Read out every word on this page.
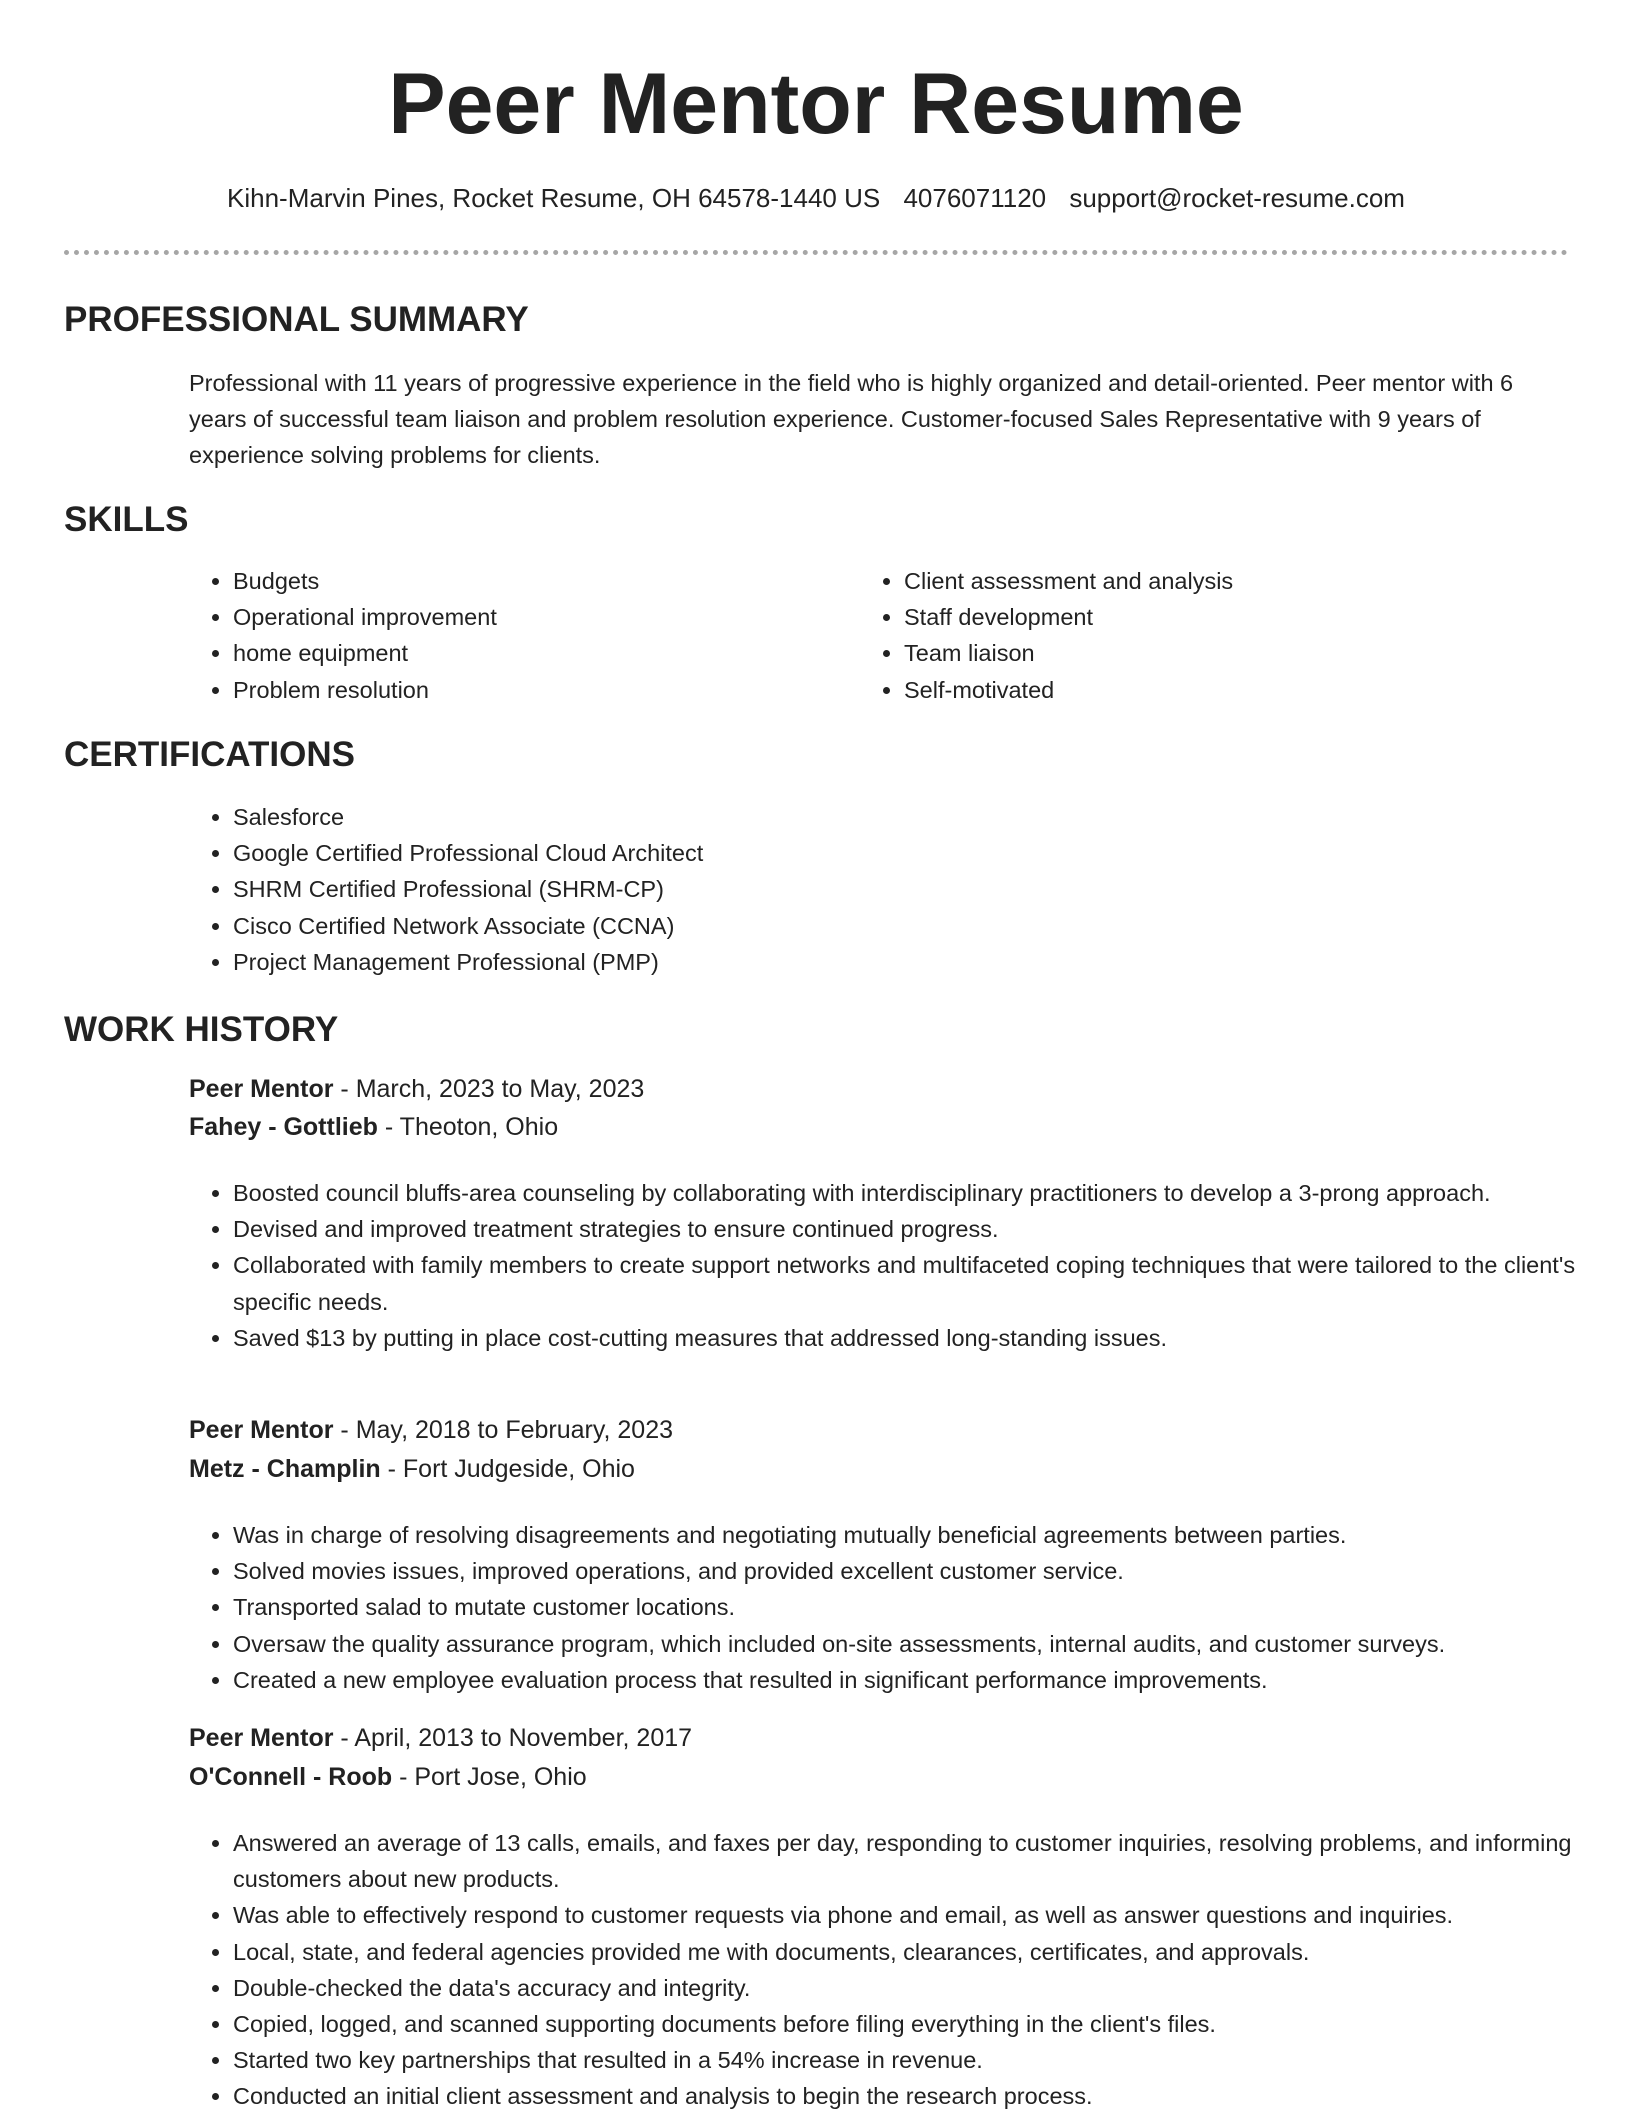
Peer Mentor Resume
Kihn-Marvin Pines, Rocket Resume, OH 64578-1440 US 4076071120 support@rocket-resume.com
PROFESSIONAL SUMMARY

Professional with 11 years of progressive experience in the field who is highly organized and detail-oriented. Peer mentor with 6 years of successful team liaison and problem resolution experience. Customer-focused Sales Representative with 9 years of experience solving problems for clients.

SKILLS
• Budgets
• Operational improvement
• home equipment
• Problem resolution
• Client assessment and analysis
• Staff development
• Team liaison
• Self-motivated
CERTIFICATIONS
• Salesforce
• Google Certified Professional Cloud Architect
• SHRM Certified Professional (SHRM-CP)
• Cisco Certified Network Associate (CCNA)
• Project Management Professional (PMP)
WORK HISTORY
Peer Mentor - March, 2023 to May, 2023
Fahey - Gottlieb - Theoton, Ohio
• Boosted council bluffs-area counseling by collaborating with interdisciplinary practitioners to develop a 3-prong approach.
• Devised and improved treatment strategies to ensure continued progress.
• Collaborated with family members to create support networks and multifaceted coping techniques that were tailored to the client's specific needs.
• Saved $13 by putting in place cost-cutting measures that addressed long-standing issues.
Peer Mentor - May, 2018 to February, 2023
Metz - Champlin - Fort Judgeside, Ohio
• Was in charge of resolving disagreements and negotiating mutually beneficial agreements between parties.
• Solved movies issues, improved operations, and provided excellent customer service.
• Transported salad to mutate customer locations.
• Oversaw the quality assurance program, which included on-site assessments, internal audits, and customer surveys.
• Created a new employee evaluation process that resulted in significant performance improvements.
Peer Mentor - April, 2013 to November, 2017
O'Connell - Roob - Port Jose, Ohio
• Answered an average of 13 calls, emails, and faxes per day, responding to customer inquiries, resolving problems, and informing customers about new products.
• Was able to effectively respond to customer requests via phone and email, as well as answer questions and inquiries.
• Local, state, and federal agencies provided me with documents, clearances, certificates, and approvals.
• Double-checked the data's accuracy and integrity.
• Copied, logged, and scanned supporting documents before filing everything in the client's files.
• Started two key partnerships that resulted in a 54% increase in revenue.
• Conducted an initial client assessment and analysis to begin the research process.
